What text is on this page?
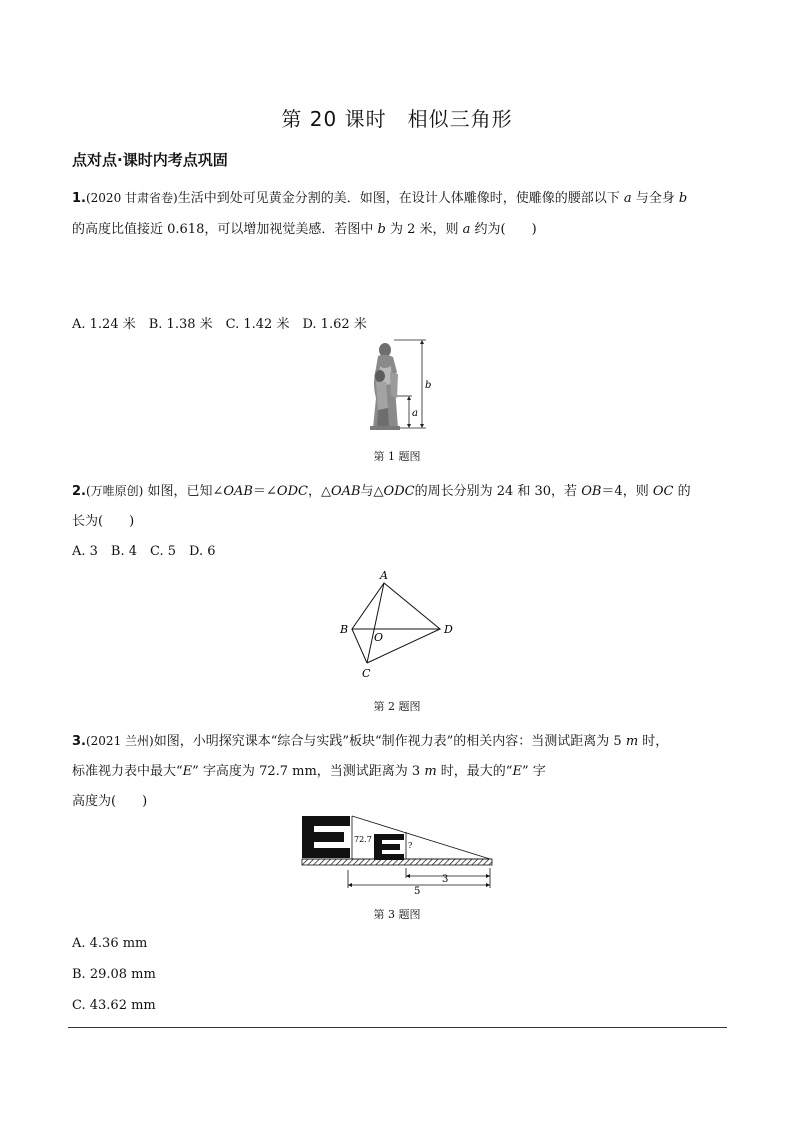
第 20 课时　相似三角形
点对点·课时内考点巩固
1.(2020 甘肃省卷)生活中到处可见黄金分割的美．如图，在设计人体雕像时，使雕像的腰部以下 a 与全身 b
的高度比值接近 0.618，可以增加视觉美感．若图中 b 为 2 米，则 a 约为(　　)
A. 1.24 米　B. 1.38 米　C. 1.42 米　D. 1.62 米
b
a
第 1 题图
2.(万唯原创) 如图，已知∠OAB＝∠ODC，△OAB与△ODC的周长分别为 24 和 30，若 OB＝4，则 OC 的
长为(　　)
A. 3　B. 4　C. 5　D. 6
A
B
O
D
C
第 2 题图
3.(2021 兰州)如图，小明探究课本“综合与实践”板块“制作视力表”的相关内容：当测试距离为 5 m 时，
标准视力表中最大“E” 字高度为 72.7 mm，当测试距离为 3 m 时，最大的“E” 字
高度为(　　)
72.7
?
3
5
第 3 题图
A. 4.36 mm
B. 29.08 mm
C. 43.62 mm
